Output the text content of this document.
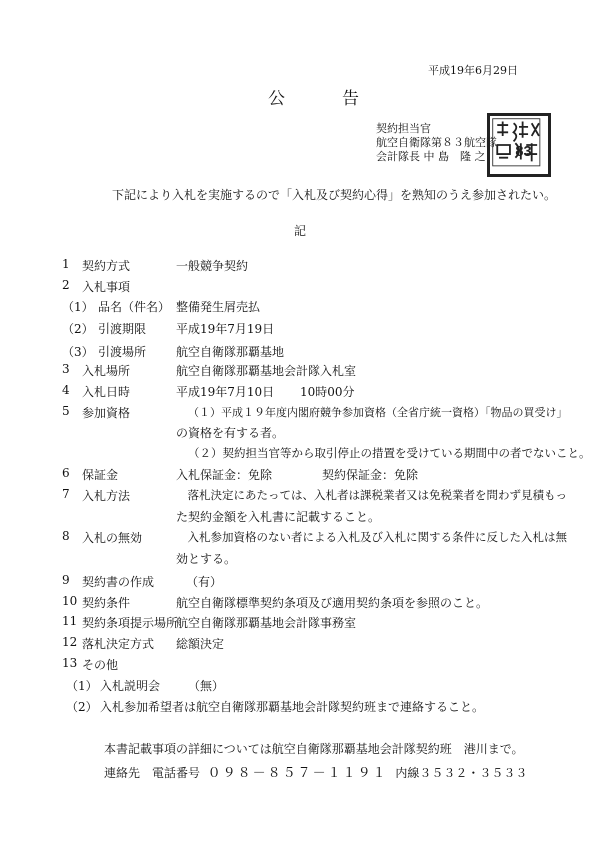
平成19年6月29日
公　告
契約担当官
航空自衛隊第８３航空隊
会計隊長 中 島　隆 之 83
下記により入札を実施するので「入札及び契約心得」を熟知のうえ参加されたい。
記
1 契約方式	一般競争契約
2 入札事項
（1） 品名（件名） 整備発生屑売払
（2） 引渡期限 平成19年7月19日
（3） 引渡場所 航空自衛隊那覇基地
3 入札場所	航空自衛隊那覇基地会計隊入札室
4 入札日時	平成19年7月10日 10時00分
5 参加資格	（１）平成１９年度内閣府競争参加資格（全省庁統一資格）「物品の買受け」
の資格を有する者。
（２）契約担当官等から取引停止の措置を受けている期間中の者でないこと。
6 保証金	入札保証金：免除	契約保証金：免除
7 入札方法	　落札決定にあたっては、入札者は課税業者又は免税業者を問わず見積もっ
た契約金額を入札書に記載すること。
8 入札の無効	　入札参加資格のない者による入札及び入札に関する条件に反した入札は無
効とする。
9 契約書の作成	（有）
10 契約条件	航空自衛隊標準契約条項及び適用契約条項を参照のこと。
11 契約条項提示場所
航空自衛隊那覇基地会計隊事務室
12 落札決定方式 総額決定
13 その他
（1） 入札説明会 （無）
（2） 入札参加希望者は航空自衛隊那覇基地会計隊契約班まで連絡すること。
本書記載事項の詳細については航空自衛隊那覇基地会計隊契約班　港川まで。
連絡先　電話番号 ０９８－８５７－１１９１ 内線３５３２・３５３３
